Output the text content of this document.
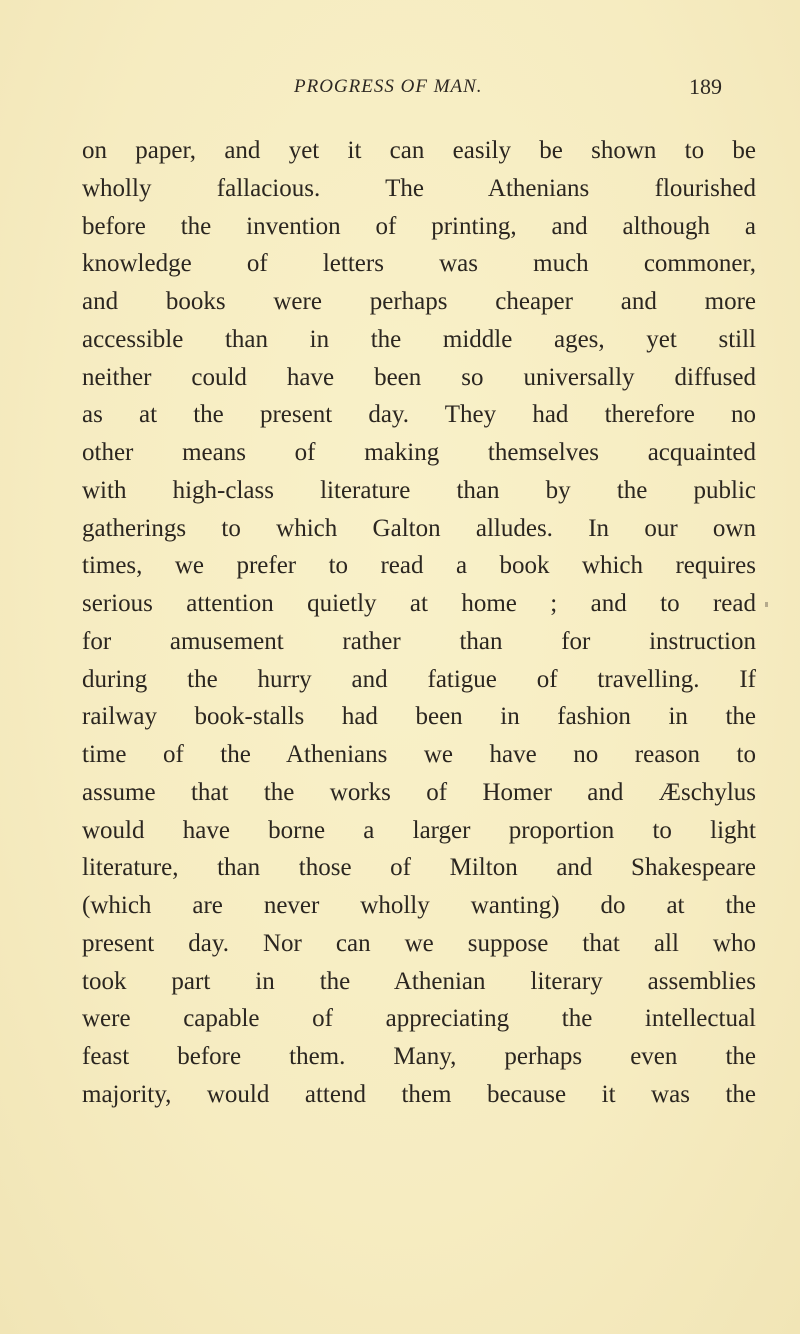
PROGRESS OF MAN.	189
on paper, and yet it can easily be shown to be
wholly fallacious. The Athenians flourished
before the invention of printing, and although a
knowledge of letters was much commoner,
and books were perhaps cheaper and more
accessible than in the middle ages, yet still
neither could have been so universally diffused
as at the present day. They had therefore no
other means of making themselves acquainted
with high-class literature than by the public
gatherings to which Galton alludes. In our own
times, we prefer to read a book which requires
serious attention quietly at home ; and to read
for amusement rather than for instruction
during the hurry and fatigue of travelling. If
railway book-stalls had been in fashion in the
time of the Athenians we have no reason to
assume that the works of Homer and Æschylus
would have borne a larger proportion to light
literature, than those of Milton and Shakespeare
(which are never wholly wanting) do at the
present day. Nor can we suppose that all who
took part in the Athenian literary assemblies
were capable of appreciating the intellectual
feast before them. Many, perhaps even the
majority, would attend them because it was the
